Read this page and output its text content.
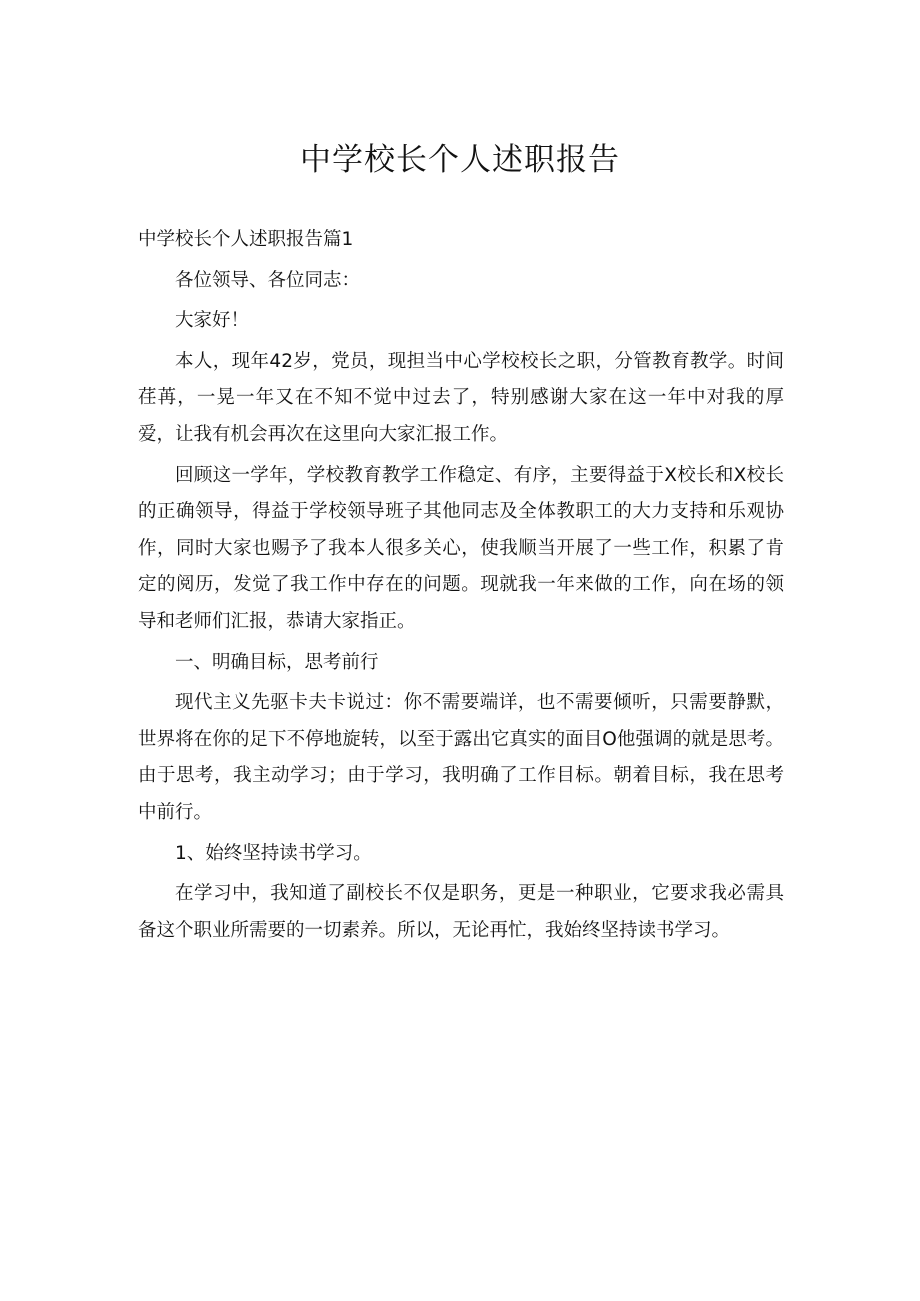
中学校长个人述职报告

中学校长个人述职报告篇1

各位领导、各位同志：

大家好！

本人，现年42岁，党员，现担当中心学校校长之职，分管教育教学。时间荏苒，一晃一年又在不知不觉中过去了，特别感谢大家在这一年中对我的厚爱，让我有机会再次在这里向大家汇报工作。

回顾这一学年，学校教育教学工作稳定、有序，主要得益于X校长和X校长的正确领导，得益于学校领导班子其他同志及全体教职工的大力支持和乐观协作，同时大家也赐予了我本人很多关心，使我顺当开展了一些工作，积累了肯定的阅历，发觉了我工作中存在的问题。现就我一年来做的工作，向在场的领导和老师们汇报，恭请大家指正。

一、明确目标，思考前行

现代主义先驱卡夫卡说过：你不需要端详，也不需要倾听，只需要静默，世界将在你的足下不停地旋转，以至于露出它真实的面目O他强调的就是思考。由于思考，我主动学习；由于学习，我明确了工作目标。朝着目标，我在思考中前行。

1、始终坚持读书学习。

在学习中，我知道了副校长不仅是职务，更是一种职业，它要求我必需具备这个职业所需要的一切素养。所以，无论再忙，我始终坚持读书学习。
